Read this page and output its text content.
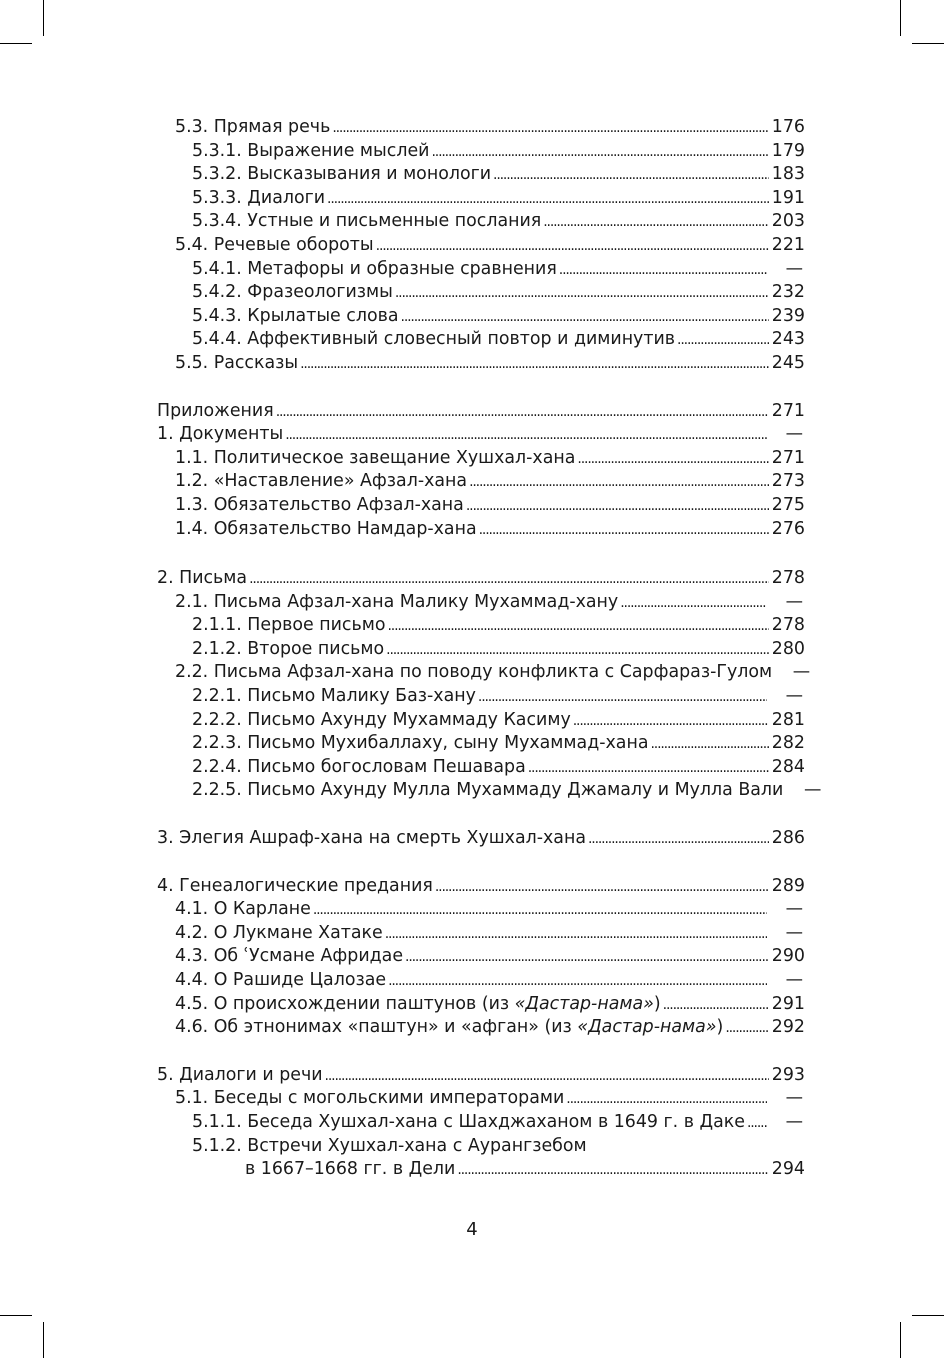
5.3. Прямая речь . . .	176
5.3.1. Выражение мыслей . . .	179
5.3.2. Высказывания и монологи . . .	183
5.3.3. Диалоги . . .	191
5.3.4. Устные и письменные послания . . .	203
5.4. Речевые обороты . . .	221
5.4.1. Метафоры и образные сравнения . . .	—
5.4.2. Фразеологизмы . . .	232
5.4.3. Крылатые слова . . .	239
5.4.4. Аффективный словесный повтор и диминутив . . .	243
5.5. Рассказы . . .	245
Приложения . . .	271
1. Документы . . .	—
1.1. Политическое завещание Хушхал-хана . . .	271
1.2. «Наставление» Афзал-хана . . .	273
1.3. Обязательство Афзал-хана . . .	275
1.4. Обязательство Намдар-хана . . .	276
2. Письма . . .	278
2.1. Письма Афзал-хана Малику Мухаммад-хану . . .	—
2.1.1. Первое письмо . . .	278
2.1.2. Второе письмо . . .	280
2.2. Письма Афзал-хана по поводу конфликта с Сарфараз-Гулом	—
2.2.1. Письмо Малику Баз-хану . . .	—
2.2.2. Письмо Ахунду Мухаммаду Касиму . . .	281
2.2.3. Письмо Мухибаллаху, сыну Мухаммад-хана . . .	282
2.2.4. Письмо богословам Пешавара . . .	284
2.2.5. Письмо Ахунду Мулла Мухаммаду Джамалу и Мулла Вали	—
3. Элегия Ашраф-хана на смерть Хушхал-хана . . .	286
4. Генеалогические предания . . .	289
4.1. О Карлане . . .	—
4.2. О Лукмане Хатаке . . .	—
4.3. Об ʿУсмане Афридае . . .	290
4.4. О Рашиде Цалозае . . .	—
4.5. О происхождении паштунов (из «Дастар-нама») . . .	291
4.6. Об этнонимах «паштун» и «афган» (из «Дастар-нама») . . .	292
5. Диалоги и речи . . .	293
5.1. Беседы с могольскими императорами . . .	—
5.1.1. Беседа Хушхал-хана с Шахджаханом в 1649 г. в Даке . . .	—
5.1.2. Встречи Хушхал-хана с Аурангзебом
в 1667–1668 гг. в Дели . . .	294
4
